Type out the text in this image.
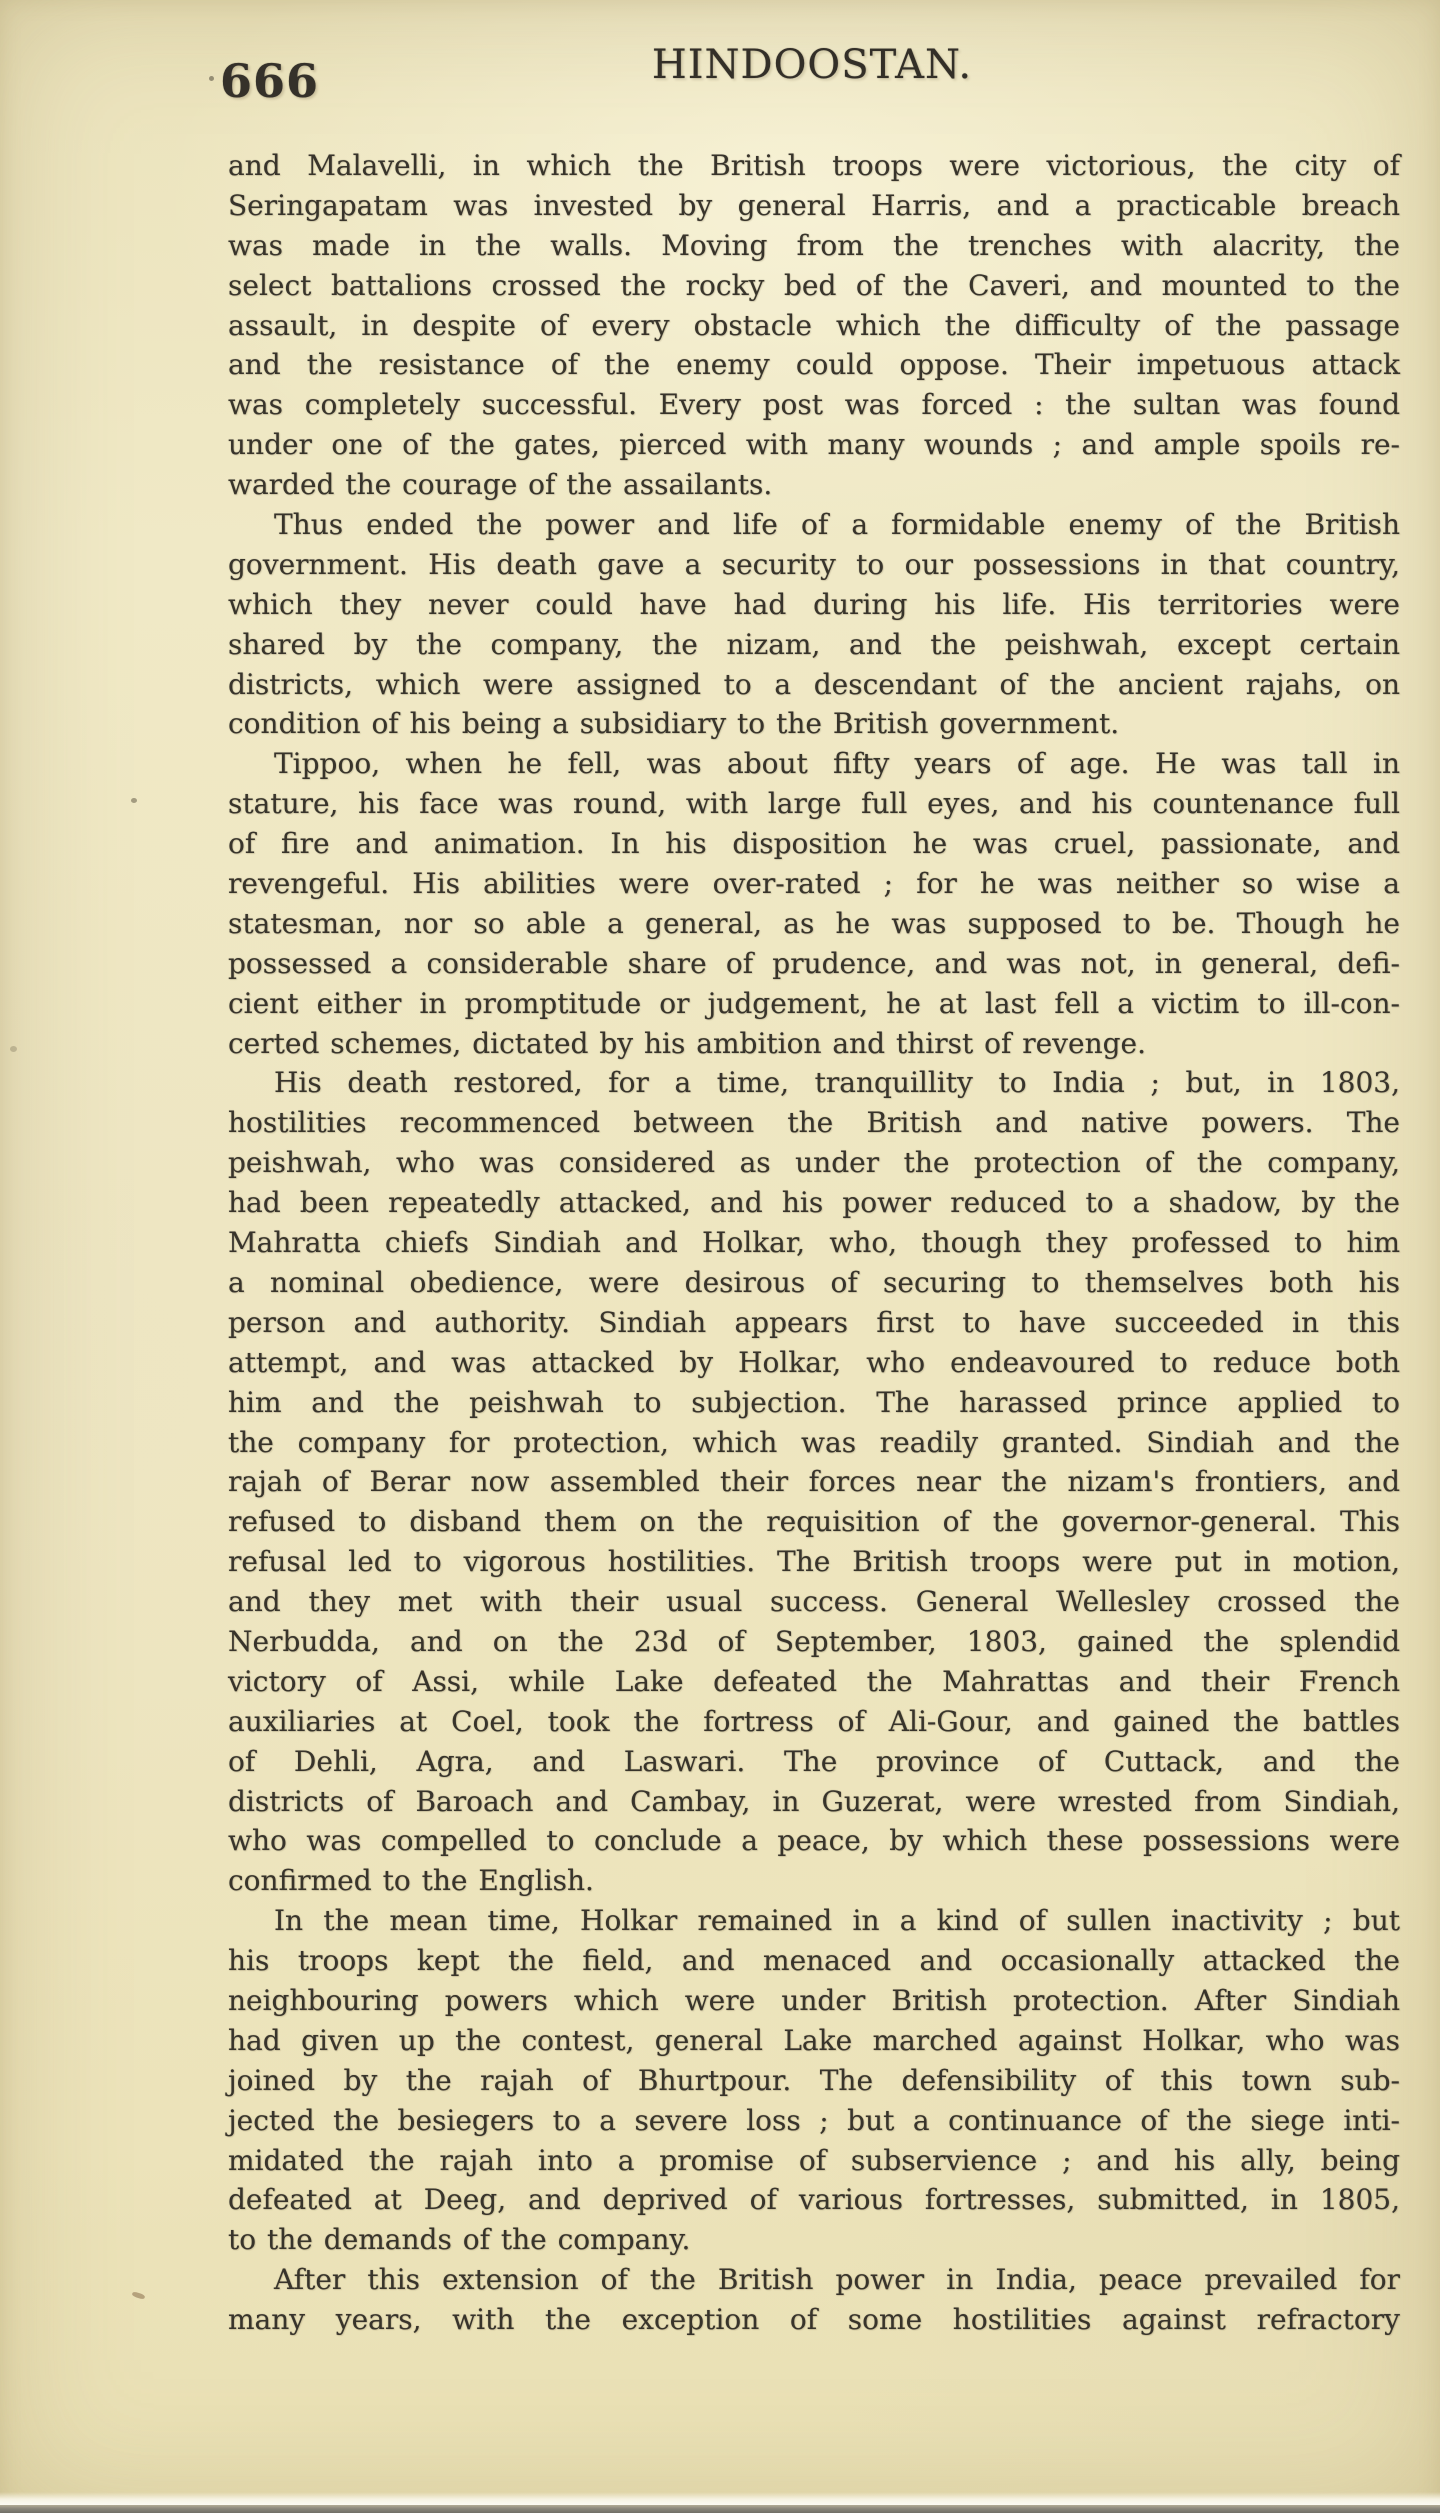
666	HINDOOSTAN.
and Malavelli, in which the British troops were victorious, the city of
Seringapatam was invested by general Harris, and a practicable breach
was made in the walls. Moving from the trenches with alacrity, the
select battalions crossed the rocky bed of the Caveri, and mounted to the
assault, in despite of every obstacle which the difficulty of the passage
and the resistance of the enemy could oppose. Their impetuous attack
was completely successful. Every post was forced : the sultan was found
under one of the gates, pierced with many wounds ; and ample spoils re-
warded the courage of the assailants.
Thus ended the power and life of a formidable enemy of the British
government. His death gave a security to our possessions in that country,
which they never could have had during his life. His territories were
shared by the company, the nizam, and the peishwah, except certain
districts, which were assigned to a descendant of the ancient rajahs, on
condition of his being a subsidiary to the British government.
Tippoo, when he fell, was about fifty years of age. He was tall in
stature, his face was round, with large full eyes, and his countenance full
of fire and animation. In his disposition he was cruel, passionate, and
revengeful. His abilities were over-rated ; for he was neither so wise a
statesman, nor so able a general, as he was supposed to be. Though he
possessed a considerable share of prudence, and was not, in general, defi-
cient either in promptitude or judgement, he at last fell a victim to ill-con-
certed schemes, dictated by his ambition and thirst of revenge.
His death restored, for a time, tranquillity to India ; but, in 1803,
hostilities recommenced between the British and native powers. The
peishwah, who was considered as under the protection of the company,
had been repeatedly attacked, and his power reduced to a shadow, by the
Mahratta chiefs Sindiah and Holkar, who, though they professed to him
a nominal obedience, were desirous of securing to themselves both his
person and authority. Sindiah appears first to have succeeded in this
attempt, and was attacked by Holkar, who endeavoured to reduce both
him and the peishwah to subjection. The harassed prince applied to
the company for protection, which was readily granted. Sindiah and the
rajah of Berar now assembled their forces near the nizam's frontiers, and
refused to disband them on the requisition of the governor-general. This
refusal led to vigorous hostilities. The British troops were put in motion,
and they met with their usual success. General Wellesley crossed the
Nerbudda, and on the 23d of September, 1803, gained the splendid
victory of Assi, while Lake defeated the Mahrattas and their French
auxiliaries at Coel, took the fortress of Ali-Gour, and gained the battles
of Dehli, Agra, and Laswari. The province of Cuttack, and the
districts of Baroach and Cambay, in Guzerat, were wrested from Sindiah,
who was compelled to conclude a peace, by which these possessions were
confirmed to the English.
In the mean time, Holkar remained in a kind of sullen inactivity ; but
his troops kept the field, and menaced and occasionally attacked the
neighbouring powers which were under British protection. After Sindiah
had given up the contest, general Lake marched against Holkar, who was
joined by the rajah of Bhurtpour. The defensibility of this town sub-
jected the besiegers to a severe loss ; but a continuance of the siege inti-
midated the rajah into a promise of subservience ; and his ally, being
defeated at Deeg, and deprived of various fortresses, submitted, in 1805,
to the demands of the company.
After this extension of the British power in India, peace prevailed for
many years, with the exception of some hostilities against refractory
